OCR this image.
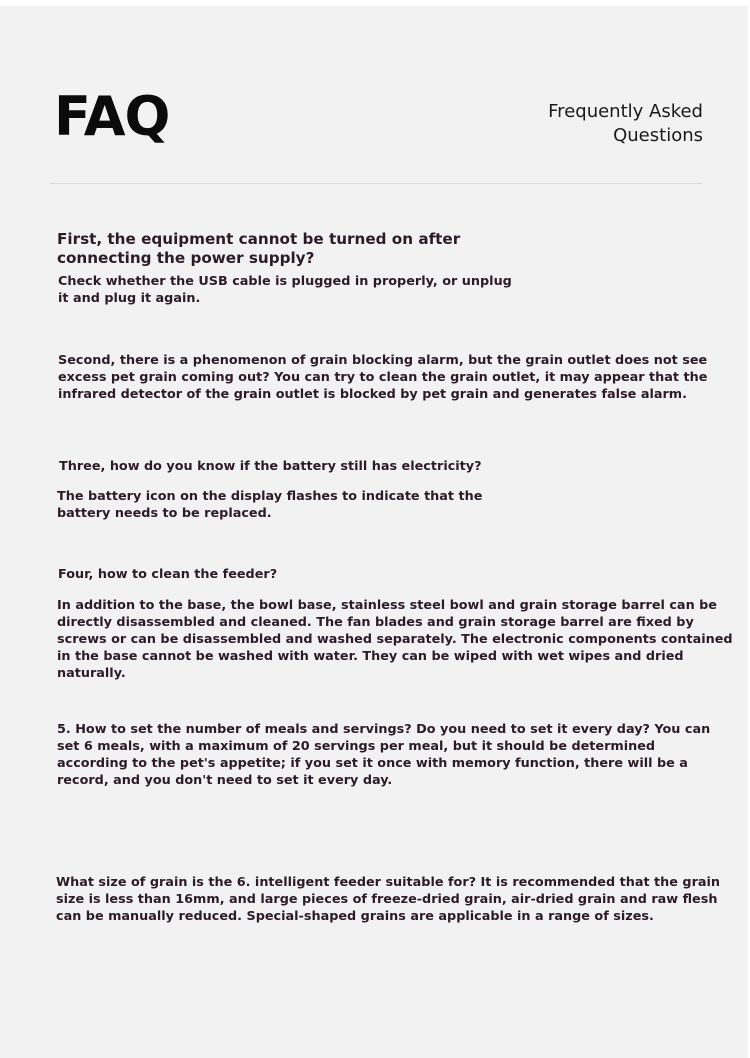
FAQ	Frequently Asked
Questions
First, the equipment cannot be turned on after connecting the power supply?
Check whether the USB cable is plugged in properly, or unplug it and plug it again.
Second, there is a phenomenon of grain blocking alarm, but the grain outlet does not see excess pet grain coming out? You can try to clean the grain outlet, it may appear that the infrared detector of the grain outlet is blocked by pet grain and generates false alarm.
Three, how do you know if the battery still has electricity?
The battery icon on the display flashes to indicate that the battery needs to be replaced.
Four, how to clean the feeder?
In addition to the base, the bowl base, stainless steel bowl and grain storage barrel can be directly disassembled and cleaned. The fan blades and grain storage barrel are fixed by screws or can be disassembled and washed separately. The electronic components contained in the base cannot be washed with water. They can be wiped with wet wipes and dried naturally.
5. How to set the number of meals and servings? Do you need to set it every day? You can set 6 meals, with a maximum of 20 servings per meal, but it should be determined according to the pet's appetite; if you set it once with memory function, there will be a record, and you don't need to set it every day.
What size of grain is the 6. intelligent feeder suitable for? It is recommended that the grain size is less than 16mm, and large pieces of freeze-dried grain, air-dried grain and raw flesh can be manually reduced. Special-shaped grains are applicable in a range of sizes.
